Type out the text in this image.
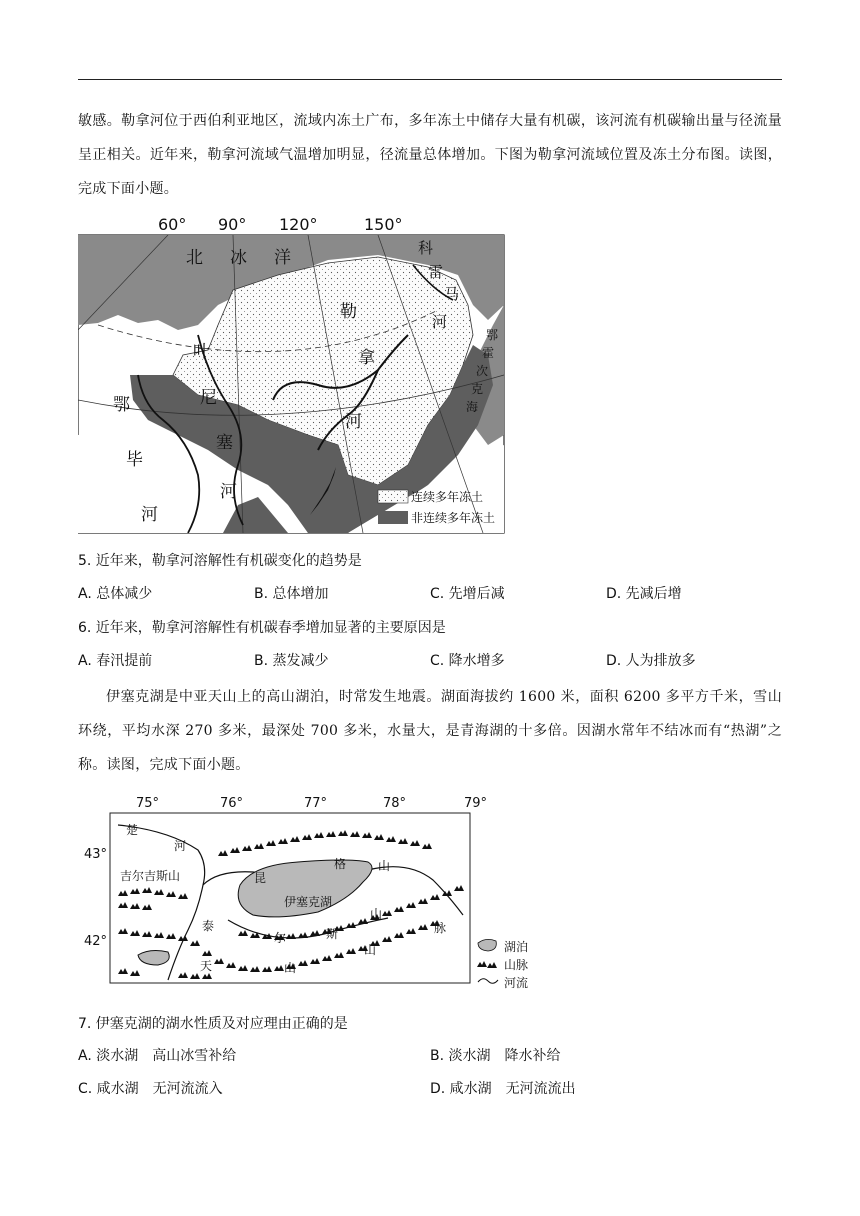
敏感。勒拿河位于西伯利亚地区，流域内冻土广布，多年冻土中储存大量有机碳，该河流有机碳输出量与径流量呈正相关。近年来，勒拿河流域气温增加明显，径流量总体增加。下图为勒拿河流域位置及冻土分布图。读图，完成下面小题。
60° 90° 120°	150°
北 冰 洋	科
雷
马
河
勒
拿
河
鄂
霍
次
克
海
叶
尼
塞
河
鄂
毕
河
连续多年冻土
非连续多年冻土
5. 近年来，勒拿河溶解性有机碳变化的趋势是
A. 总体减少	B. 总体增加	C. 先增后减	D. 先减后增
6. 近年来，勒拿河溶解性有机碳春季增加显著的主要原因是
A. 春汛提前	B. 蒸发减少	C. 降水增多	D. 人为排放多
伊塞克湖是中亚天山上的高山湖泊，时常发生地震。湖面海拔约 1600 米，面积 6200 多平方千米，雪山环绕，平均水深 270 多米，最深处 700 多米，水量大，是青海湖的十多倍。因湖水常年不结冰而有“热湖”之称。读图，完成下面小题。
75°	76°	77°	78°	79°
43°
42°
楚
河
吉尔吉斯山	昆
格	山
伊塞克湖
山
脉
泰
尔	斯
山
天	山
湖泊
山脉
河流
7. 伊塞克湖的湖水性质及对应理由正确的是
A. 淡水湖　高山冰雪补给	B. 淡水湖　降水补给
C. 咸水湖　无河流流入	D. 咸水湖　无河流流出
